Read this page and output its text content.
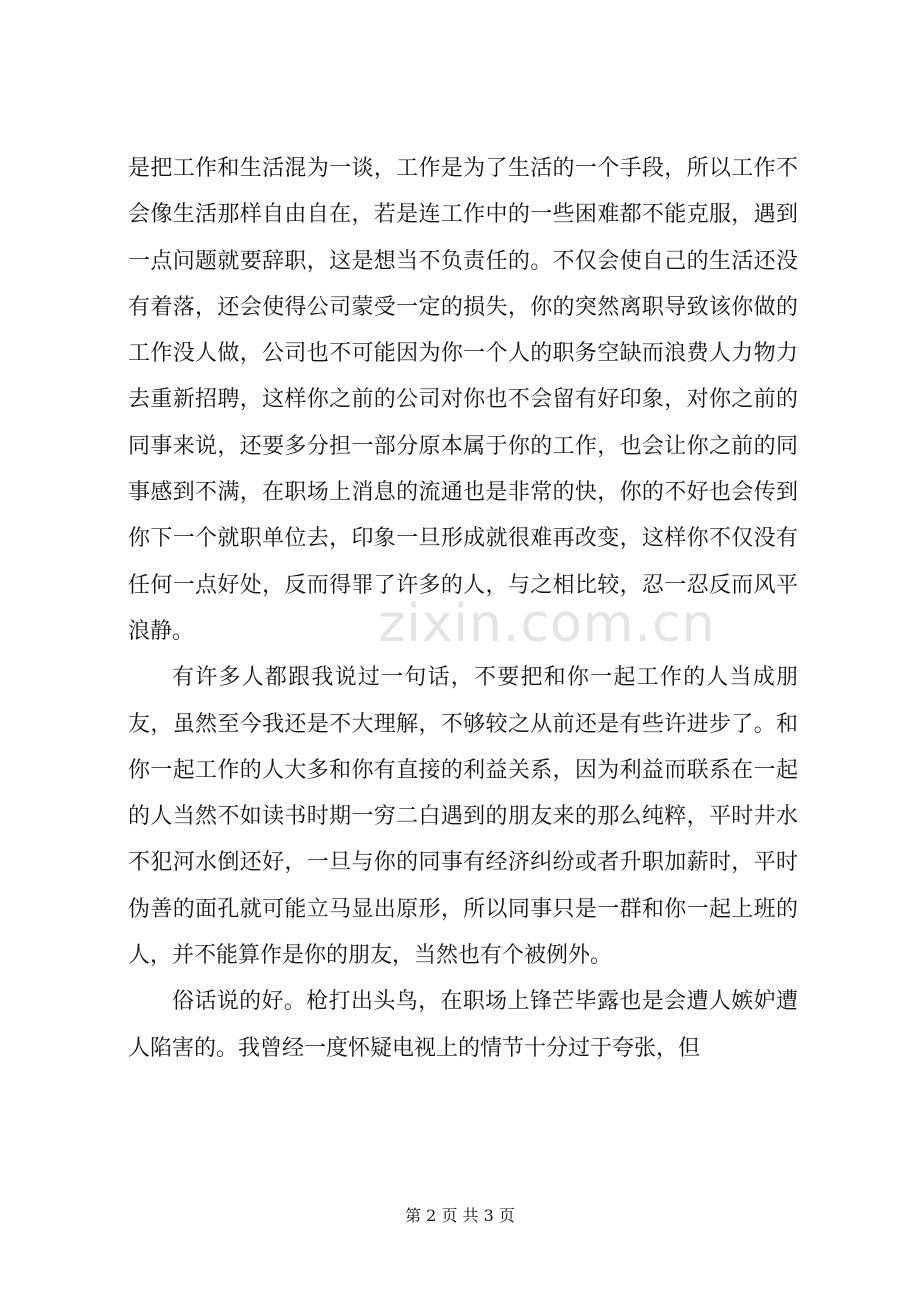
zixin.com.cn

是把工作和生活混为一谈，工作是为了生活的一个手段，所以工作不会像生活那样自由自在，若是连工作中的一些困难都不能克服，遇到一点问题就要辞职，这是想当不负责任的。不仅会使自己的生活还没有着落，还会使得公司蒙受一定的损失，你的突然离职导致该你做的工作没人做，公司也不可能因为你一个人的职务空缺而浪费人力物力去重新招聘，这样你之前的公司对你也不会留有好印象，对你之前的同事来说，还要多分担一部分原本属于你的工作，也会让你之前的同事感到不满，在职场上消息的流通也是非常的快，你的不好也会传到你下一个就职单位去，印象一旦形成就很难再改变，这样你不仅没有任何一点好处，反而得罪了许多的人，与之相比较，忍一忍反而风平浪静。

有许多人都跟我说过一句话，不要把和你一起工作的人当成朋友，虽然至今我还是不大理解，不够较之从前还是有些许进步了。和你一起工作的人大多和你有直接的利益关系，因为利益而联系在一起的人当然不如读书时期一穷二白遇到的朋友来的那么纯粹，平时井水不犯河水倒还好，一旦与你的同事有经济纠纷或者升职加薪时，平时伪善的面孔就可能立马显出原形，所以同事只是一群和你一起上班的人，并不能算作是你的朋友，当然也有个被例外。

俗话说的好。枪打出头鸟，在职场上锋芒毕露也是会遭人嫉妒遭人陷害的。我曾经一度怀疑电视上的情节十分过于夸张，但

第 2 页 共 3 页
